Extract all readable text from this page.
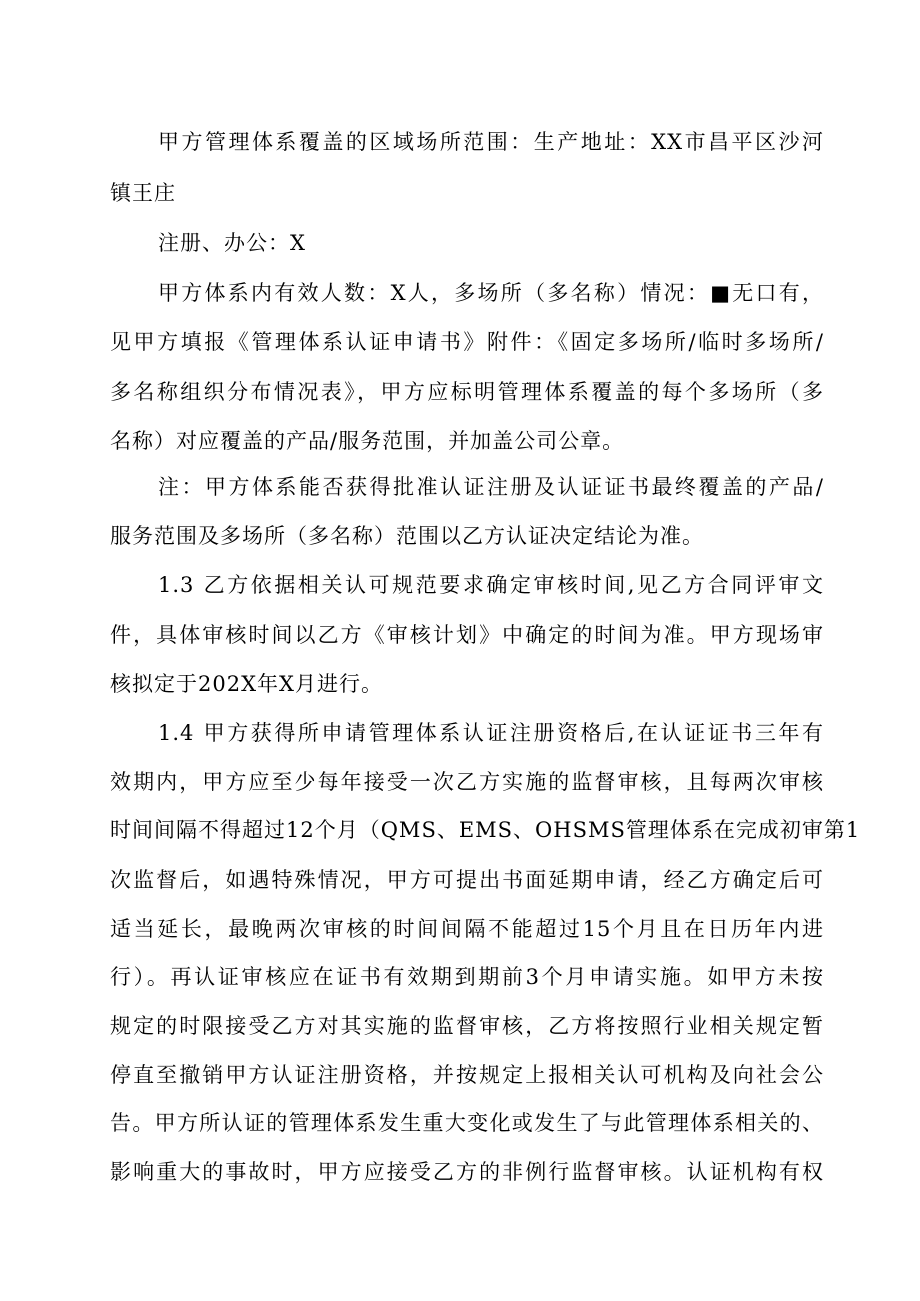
甲方管理体系覆盖的区域场所范围：生产地址：XX市昌平区沙河
镇王庄
注册、办公：X
甲方体系内有效人数：X人，多场所（多名称）情况：■无口有，
见甲方填报《管理体系认证申请书》附件：《固定多场所/临时多场所/
多名称组织分布情况表》，甲方应标明管理体系覆盖的每个多场所（多
名称）对应覆盖的产品/服务范围，并加盖公司公章。
注：甲方体系能否获得批准认证注册及认证证书最终覆盖的产品/
服务范围及多场所（多名称）范围以乙方认证决定结论为准。
1.3 乙方依据相关认可规范要求确定审核时间,见乙方合同评审文
件，具体审核时间以乙方《审核计划》中确定的时间为准。甲方现场审
核拟定于202X年X月进行。
1.4 甲方获得所申请管理体系认证注册资格后,在认证证书三年有
效期内，甲方应至少每年接受一次乙方实施的监督审核，且每两次审核
时间间隔不得超过12个月（QMS、EMS、OHSMS管理体系在完成初审第1
次监督后，如遇特殊情况，甲方可提出书面延期申请，经乙方确定后可
适当延长，最晚两次审核的时间间隔不能超过15个月且在日历年内进
行）。再认证审核应在证书有效期到期前3个月申请实施。如甲方未按
规定的时限接受乙方对其实施的监督审核，乙方将按照行业相关规定暂
停直至撤销甲方认证注册资格，并按规定上报相关认可机构及向社会公
告。甲方所认证的管理体系发生重大变化或发生了与此管理体系相关的、
影响重大的事故时，甲方应接受乙方的非例行监督审核。认证机构有权
